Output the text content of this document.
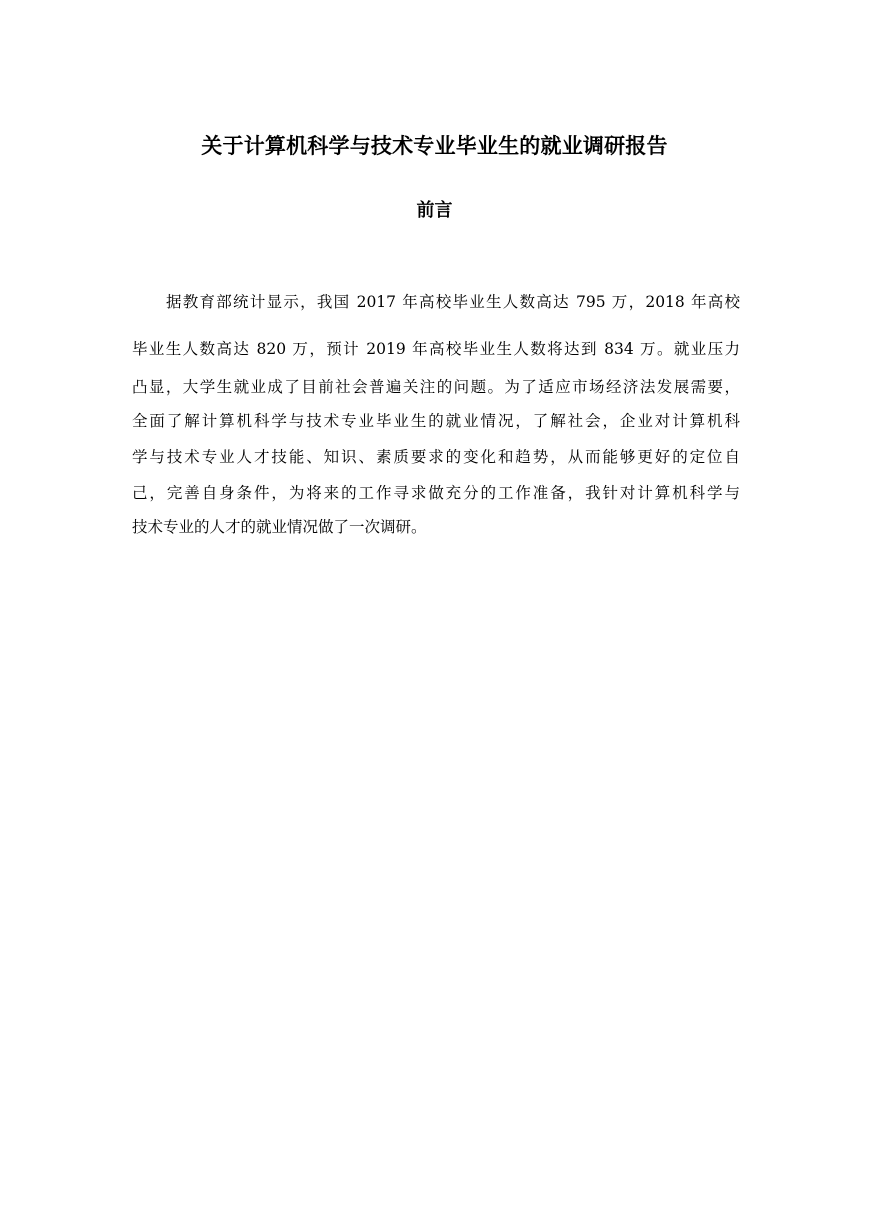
关于计算机科学与技术专业毕业生的就业调研报告
前言
据教育部统计显示，我国 2017 年高校毕业生人数高达 795 万，2018 年高校
毕业生人数高达 820 万，预计 2019 年高校毕业生人数将达到 834 万。就业压力
凸显，大学生就业成了目前社会普遍关注的问题。为了适应市场经济法发展需要，
全面了解计算机科学与技术专业毕业生的就业情况，了解社会，企业对计算机科
学与技术专业人才技能、知识、素质要求的变化和趋势，从而能够更好的定位自
己，完善自身条件，为将来的工作寻求做充分的工作准备，我针对计算机科学与
技术专业的人才的就业情况做了一次调研。
